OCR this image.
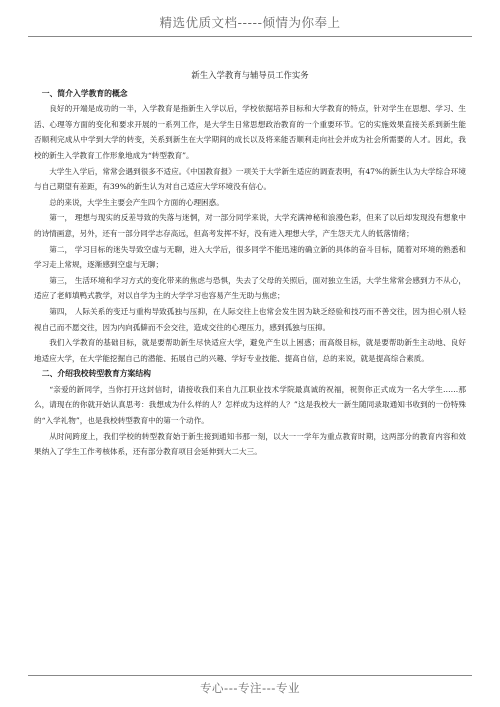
精选优质文档-----倾情为你奉上
新生入学教育与辅导员工作实务
一、简介入学教育的概念

良好的开端是成功的一半，入学教育是指新生入学以后，学校依据培养目标和大学教育的特点，针对学生在思想、学习、生活、心理等方面的变化和要求开展的一系列工作，是大学生日常思想政治教育的一个重要环节。它的实施效果直接关系到新生能否顺利完成从中学到大学的转变，关系到新生在大学期间的成长以及将来能否顺利走向社会并成为社会所需要的人才。因此，我校的新生入学教育工作形象地成为“转型教育”。

大学生入学后，常常会遇到很多不适应。《中国教育报》一项关于大学新生适应的调查表明，有47%的新生认为大学综合环境与自己期望有差距，有39%的新生认为对自己适应大学环境没有信心。

总的来说，大学生主要会产生四个方面的心理困惑。

第一， 理想与现实的反差导致的失落与迷惘，对一部分同学来说，大学充满神秘和浪漫色彩，但来了以后却发现没有想象中的诗情画意，另外，还有一部分同学志存高远，但高考发挥不好，没有进入理想大学，产生怨天尤人的低落情绪；

第二， 学习目标的迷失导致空虚与无聊，进入大学后，很多同学不能迅速的确立新的具体的奋斗目标，随着对环境的熟悉和学习走上常规，逐渐感到空虚与无聊；

第三， 生活环境和学习方式的变化带来的焦虑与恐惧，失去了父母的关照后，面对独立生活，大学生常常会感到力不从心，适应了老师填鸭式教学，对以自学为主的大学学习也容易产生无助与焦虑；

第四， 人际关系的变迁与重构导致孤独与压抑，在人际交往上也常会发生因为缺乏经验和技巧而不善交往，因为担心别人轻视自己而不愿交往，因为内向孤僻而不会交往，造成交往的心理压力，感到孤独与压抑。

我们入学教育的基础目标，就是要帮助新生尽快适应大学，避免产生以上困惑；而高级目标，就是要帮助新生主动地、良好地适应大学，在大学能挖掘自己的潜能、拓展自己的兴趣、学好专业技能、提高自信，总的来说，就是提高综合素质。

二、介绍我校转型教育方案结构

“亲爱的新同学，当你打开这封信时，请接收我们来自九江职业技术学院最真诚的祝福，祝贺你正式成为一名大学生……那么，请现在的你就开始认真思考：我想成为什么样的人？怎样成为这样的人？”这是我校大一新生随同录取通知书收到的一份特殊的“入学礼物”，也是我校转型教育中的第一个动作。

从时间跨度上，我们学校的转型教育始于新生接到通知书那一刻，以大一一学年为重点教育时期，这两部分的教育内容和效果纳入了学生工作考核体系，还有部分教育项目会延伸到大二大三。

专心---专注---专业
